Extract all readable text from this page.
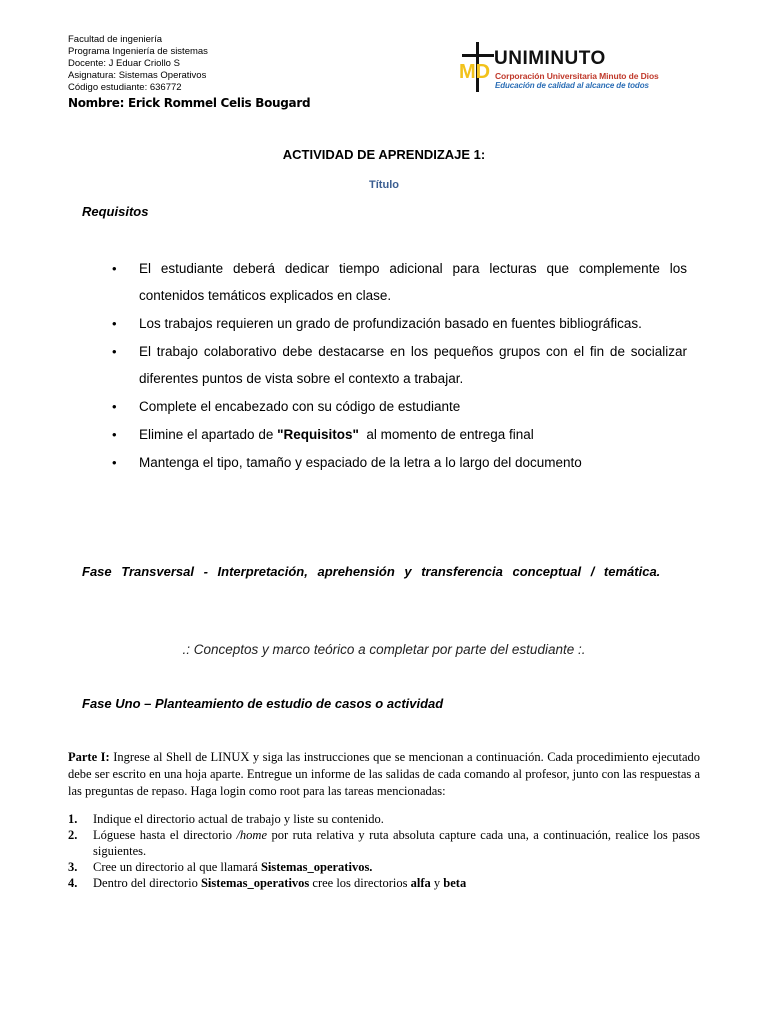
Facultad de ingeniería
Programa Ingeniería de sistemas
Docente: J Eduar Criollo S
Asignatura: Sistemas Operativos
Código estudiante: 636772
Nombre: Erick Rommel Celis Bougard
MD
UNIMINUTO
Corporación Universitaria Minuto de Dios
Educación de calidad al alcance de todos
ACTIVIDAD DE APRENDIZAJE 1:
Título
Requisitos
• El estudiante deberá dedicar tiempo adicional para lecturas que complemente los contenidos temáticos explicados en clase.
• Los trabajos requieren un grado de profundización basado en fuentes bibliográficas.
• El trabajo colaborativo debe destacarse en los pequeños grupos con el fin de socializar diferentes puntos de vista sobre el contexto a trabajar.
• Complete el encabezado con su código de estudiante
• Elimine el apartado de "Requisitos"  al momento de entrega final
• Mantenga el tipo, tamaño y espaciado de la letra a lo largo del documento
Fase Transversal - Interpretación, aprehensión y transferencia conceptual / temática.
.: Conceptos y marco teórico a completar por parte del estudiante :.
Fase Uno – Planteamiento de estudio de casos o actividad
Parte I: Ingrese al Shell de LINUX y siga las instrucciones que se mencionan a continuación. Cada procedimiento ejecutado debe ser escrito en una hoja aparte. Entregue un informe de las salidas de cada comando al profesor, junto con las respuestas a las preguntas de repaso. Haga login como root para las tareas mencionadas:
1. Indique el directorio actual de trabajo y liste su contenido.
2. Lóguese hasta el directorio /home por ruta relativa y ruta absoluta capture cada una, a continuación, realice los pasos siguientes.
3. Cree un directorio al que llamará Sistemas_operativos.
4. Dentro del directorio Sistemas_operativos cree los directorios alfa y beta
